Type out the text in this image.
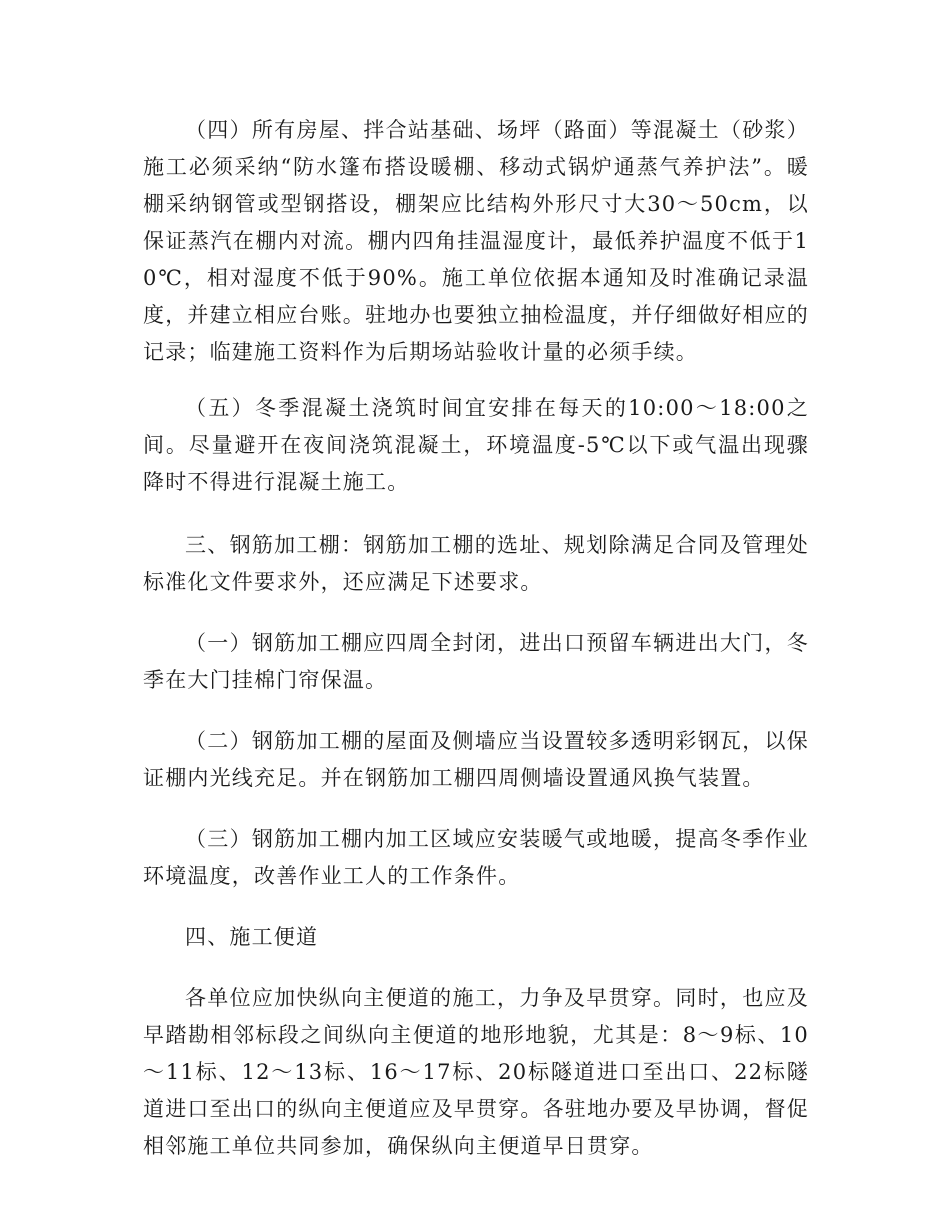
（四）所有房屋、拌合站基础、场坪（路面）等混凝土（砂浆）施工必须采纳“防水篷布搭设暖棚、移动式锅炉通蒸气养护法”。暖棚采纳钢管或型钢搭设，棚架应比结构外形尺寸大30～50cm，以保证蒸汽在棚内对流。棚内四角挂温湿度计，最低养护温度不低于10℃，相对湿度不低于90%。施工单位依据本通知及时准确记录温度，并建立相应台账。驻地办也要独立抽检温度，并仔细做好相应的记录；临建施工资料作为后期场站验收计量的必须手续。

（五）冬季混凝土浇筑时间宜安排在每天的10:00～18:00之间。尽量避开在夜间浇筑混凝土，环境温度-5℃以下或气温出现骤降时不得进行混凝土施工。

三、钢筋加工棚：钢筋加工棚的选址、规划除满足合同及管理处标准化文件要求外，还应满足下述要求。

（一）钢筋加工棚应四周全封闭，进出口预留车辆进出大门，冬季在大门挂棉门帘保温。

（二）钢筋加工棚的屋面及侧墙应当设置较多透明彩钢瓦，以保证棚内光线充足。并在钢筋加工棚四周侧墙设置通风换气装置。

（三）钢筋加工棚内加工区域应安装暖气或地暖，提高冬季作业环境温度，改善作业工人的工作条件。

四、施工便道

各单位应加快纵向主便道的施工，力争及早贯穿。同时，也应及早踏勘相邻标段之间纵向主便道的地形地貌，尤其是：8～9标、10～11标、12～13标、16～17标、20标隧道进口至出口、22标隧道进口至出口的纵向主便道应及早贯穿。各驻地办要及早协调，督促相邻施工单位共同参加，确保纵向主便道早日贯穿。
